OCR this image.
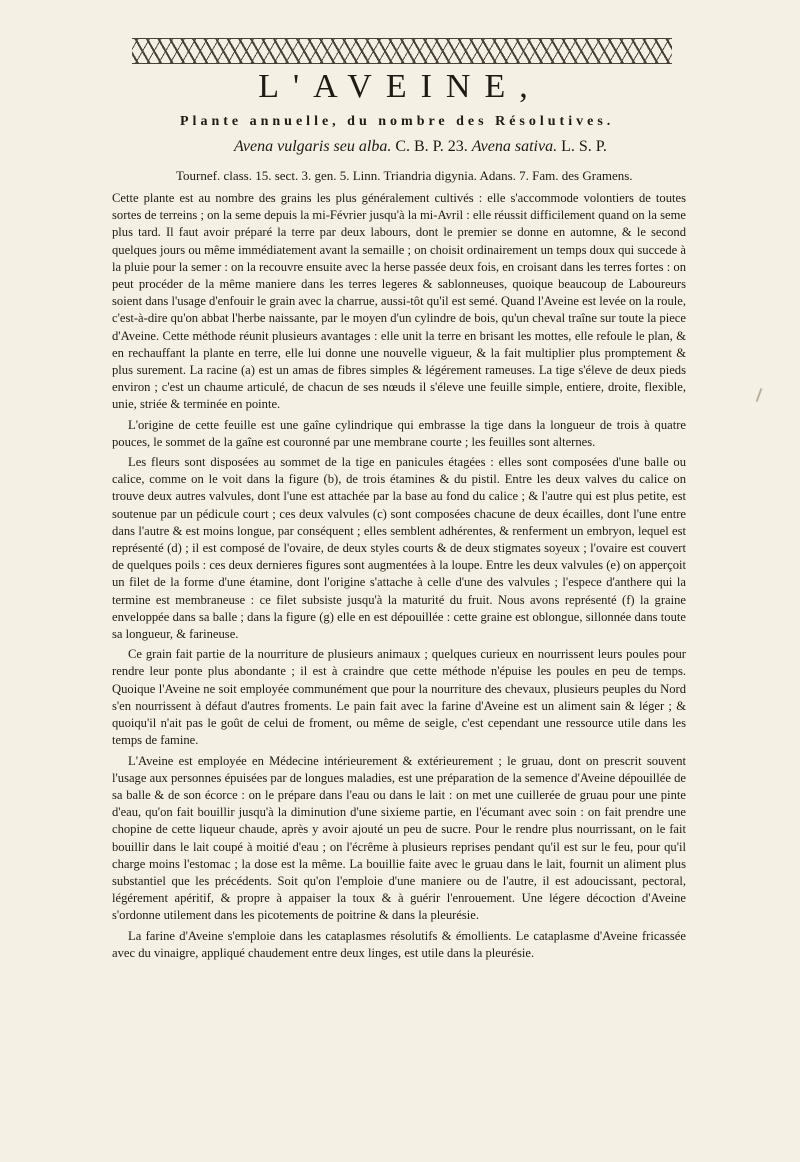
L'AVEINE,
Plante annuelle, du nombre des Résolutives.
Avena vulgaris seu alba. C. B. P. 23. Avena sativa. L. S. P.
Tournef. class. 15. sect. 3. gen. 5. Linn. Triandria digynia. Adans. 7. Fam. des Gramens.

Cette plante est au nombre des grains les plus généralement cultivés : elle s'accommode volontiers de toutes sortes de terreins ; on la seme depuis la mi-Février jusqu'à la mi-Avril : elle réussit difficilement quand on la seme plus tard. Il faut avoir préparé la terre par deux labours, dont le premier se donne en automne, & le second quelques jours ou même immédiatement avant la semaille ; on choisit ordinairement un temps doux qui succede à la pluie pour la semer : on la recouvre ensuite avec la herse passée deux fois, en croisant dans les terres fortes : on peut procéder de la même maniere dans les terres legeres & sablonneuses, quoique beaucoup de Laboureurs soient dans l'usage d'enfouir le grain avec la charrue, aussi-tôt qu'il est semé. Quand l'Aveine est levée on la roule, c'est-à-dire qu'on abbat l'herbe naissante, par le moyen d'un cylindre de bois, qu'un cheval traîne sur toute la piece d'Aveine. Cette méthode réunit plusieurs avantages : elle unit la terre en brisant les mottes, elle refoule le plan, & en rechauffant la plante en terre, elle lui donne une nouvelle vigueur, & la fait multiplier plus promptement & plus surement. La racine (a) est un amas de fibres simples & légérement rameuses. La tige s'éleve de deux pieds environ ; c'est un chaume articulé, de chacun de ses nœuds il s'éleve une feuille simple, entiere, droite, flexible, unie, striée & terminée en pointe.

L'origine de cette feuille est une gaîne cylindrique qui embrasse la tige dans la longueur de trois à quatre pouces, le sommet de la gaîne est couronné par une membrane courte ; les feuilles sont alternes.

Les fleurs sont disposées au sommet de la tige en panicules étagées : elles sont composées d'une balle ou calice, comme on le voit dans la figure (b), de trois étamines & du pistil. Entre les deux valves du calice on trouve deux autres valvules, dont l'une est attachée par la base au fond du calice ; & l'autre qui est plus petite, est soutenue par un pédicule court ; ces deux valvules (c) sont composées chacune de deux écailles, dont l'une entre dans l'autre & est moins longue, par conséquent ; elles semblent adhérentes, & renferment un embryon, lequel est représenté (d) ; il est composé de l'ovaire, de deux styles courts & de deux stigmates soyeux ; l'ovaire est couvert de quelques poils : ces deux dernieres figures sont augmentées à la loupe. Entre les deux valvules (e) on apperçoit un filet de la forme d'une étamine, dont l'origine s'attache à celle d'une des valvules ; l'espece d'anthere qui la termine est membraneuse : ce filet subsiste jusqu'à la maturité du fruit. Nous avons représenté (f) la graine enveloppée dans sa balle ; dans la figure (g) elle en est dépouillée : cette graine est oblongue, sillonnée dans toute sa longueur, & farineuse.

Ce grain fait partie de la nourriture de plusieurs animaux ; quelques curieux en nourrissent leurs poules pour rendre leur ponte plus abondante ; il est à craindre que cette méthode n'épuise les poules en peu de temps. Quoique l'Aveine ne soit employée communément que pour la nourriture des chevaux, plusieurs peuples du Nord s'en nourrissent à défaut d'autres froments. Le pain fait avec la farine d'Aveine est un aliment sain & léger ; & quoiqu'il n'ait pas le goût de celui de froment, ou même de seigle, c'est cependant une ressource utile dans les temps de famine.

L'Aveine est employée en Médecine intérieurement & extérieurement ; le gruau, dont on prescrit souvent l'usage aux personnes épuisées par de longues maladies, est une préparation de la semence d'Aveine dépouillée de sa balle & de son écorce : on le prépare dans l'eau ou dans le lait : on met une cuillerée de gruau pour une pinte d'eau, qu'on fait bouillir jusqu'à la diminution d'une sixieme partie, en l'écumant avec soin : on fait prendre une chopine de cette liqueur chaude, après y avoir ajouté un peu de sucre. Pour le rendre plus nourrissant, on le fait bouillir dans le lait coupé à moitié d'eau ; on l'écrême à plusieurs reprises pendant qu'il est sur le feu, pour qu'il charge moins l'estomac ; la dose est la même. La bouillie faite avec le gruau dans le lait, fournit un aliment plus substantiel que les précédents. Soit qu'on l'emploie d'une maniere ou de l'autre, il est adoucissant, pectoral, légérement apéritif, & propre à appaiser la toux & à guérir l'enrouement. Une légere décoction d'Aveine s'ordonne utilement dans les picotements de poitrine & dans la pleurésie.

La farine d'Aveine s'emploie dans les cataplasmes résolutifs & émollients. Le cataplasme d'Aveine fricassée avec du vinaigre, appliqué chaudement entre deux linges, est utile dans la pleurésie.
